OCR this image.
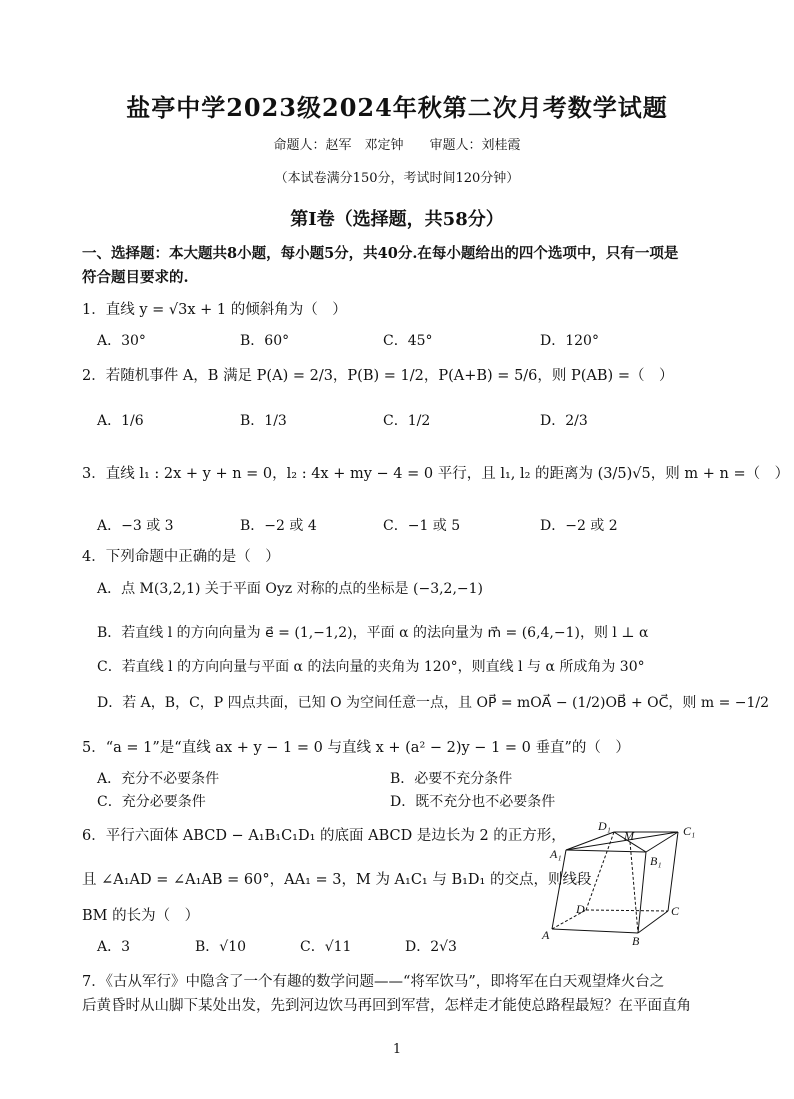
盐亭中学2023级2024年秋第二次月考数学试题
命题人：赵军　邓定钟　　审题人：刘桂霞
（本试卷满分150分，考试时间120分钟）
第I卷（选择题，共58分）
一、选择题：本大题共8小题，每小题5分，共40分.在每小题给出的四个选项中，只有一项是
符合题目要求的.
1．直线 y = √3x + 1 的倾斜角为（　）
A．30°	B．60°	C．45°	D．120°
2．若随机事件 A，B 满足 P(A) = 2/3，P(B) = 1/2，P(A+B) = 5/6，则 P(AB) =（　）
A．1/6	B．1/3	C．1/2	D．2/3
3．直线 l₁ : 2x + y + n = 0，l₂ : 4x + my − 4 = 0 平行，且 l₁, l₂ 的距离为 (3/5)√5，则 m + n =（　）
A．−3 或 3	B．−2 或 4	C．−1 或 5	D．−2 或 2
4．下列命题中正确的是（　）
A．点 M(3,2,1) 关于平面 Oyz 对称的点的坐标是 (−3,2,−1)
B．若直线 l 的方向向量为 e⃗ = (1,−1,2)，平面 α 的法向量为 m⃗ = (6,4,−1)，则 l ⊥ α
C．若直线 l 的方向向量与平面 α 的法向量的夹角为 120°，则直线 l 与 α 所成角为 30°
D．若 A，B，C，P 四点共面，已知 O 为空间任意一点，且 OP⃗ = mOA⃗ − (1/2)OB⃗ + OC⃗，则 m = −1/2
5．“a = 1”是“直线 ax + y − 1 = 0 与直线 x + (a² − 2)y − 1 = 0 垂直”的（　）
A．充分不必要条件	B．必要不充分条件
C．充分必要条件	D．既不充分也不必要条件
6．平行六面体 ABCD − A₁B₁C₁D₁ 的底面 ABCD 是边长为 2 的正方形，
且 ∠A₁AD = ∠A₁AB = 60°，AA₁ = 3，M 为 A₁C₁ 与 B₁D₁ 的交点，则线段
BM 的长为（　）
A．3	B．√10	C．√11	D．2√3
D₁
M	C₁
A₁	B₁
D	C
A	B
7．《古从军行》中隐含了一个有趣的数学问题——“将军饮马”，即将军在白天观望烽火台之
后黄昏时从山脚下某处出发，先到河边饮马再回到军营，怎样走才能使总路程最短？在平面直角
1
